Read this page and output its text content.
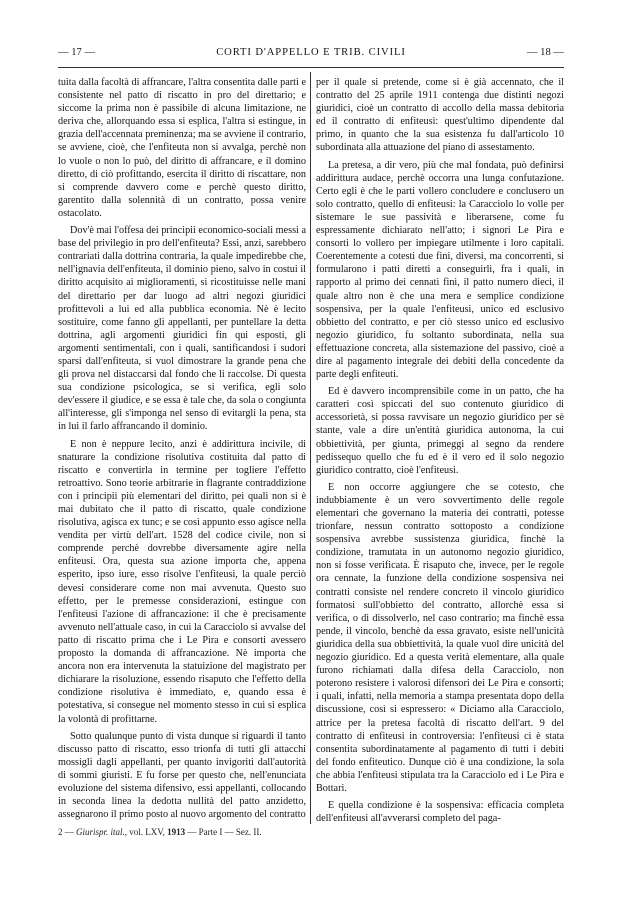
— 17 —	CORTI D'APPELLO E TRIB. CIVILI	— 18 —

tuita dalla facoltà di affrancare, l'altra consentita dalle parti e consistente nel patto di riscatto in pro del direttario; e siccome la prima non è passibile di alcuna limitazione, ne deriva che, allorquando essa si esplica, l'altra si estingue, in grazia dell'accennata preminenza; ma se avviene il contrario, se avviene, cioè, che l'enfiteuta non si avvalga, perchè non lo vuole o non lo può, del diritto di affrancare, e il domino diretto, di ciò profittando, esercita il diritto di riscattare, non si comprende davvero come e perchè questo diritto, garentito dalla solennità di un contratto, possa venire ostacolato.

Dov'è mai l'offesa dei principii economico-sociali messi a base del privilegio in pro dell'enfiteuta? Essi, anzi, sarebbero contrariati dalla dottrina contraria, la quale impedirebbe che, nell'ignavia dell'enfiteuta, il dominio pieno, salvo in costui il diritto acquisito ai miglioramenti, si ricostituisse nelle mani del direttario per dar luogo ad altri negozi giuridici profittevoli a lui ed alla pubblica economia. Nè è lecito sostituire, come fanno gli appellanti, per puntellare la detta dottrina, agli argomenti giuridici fin qui esposti, gli argomenti sentimentali, con i quali, santificandosi i sudori sparsi dall'enfiteuta, si vuol dimostrare la grande pena che gli prova nel distaccarsi dal fondo che li raccolse. Di questa sua condizione psicologica, se si verifica, egli solo dev'essere il giudice, e se essa è tale che, da sola o congiunta all'interesse, gli s'imponga nel senso di evitargli la pena, sta in lui il farlo affrancando il dominio.

E non è neppure lecito, anzi è addirittura incivile, di snaturare la condizione risolutiva costituita dal patto di riscatto e convertirla in termine per togliere l'effetto retroattivo. Sono teorie arbitrarie in flagrante contraddizione con i principii più elementari del diritto, pei quali non si è mai dubitato che il patto di riscatto, quale condizione risolutiva, agisca ex tunc; e se così appunto esso agisce nella vendita per virtù dell'art. 1528 del codice civile, non si comprende perchè dovrebbe diversamente agire nella enfiteusi. Ora, questa sua azione importa che, appena esperito, ipso iure, esso risolve l'enfiteusi, la quale perciò devesi considerare come non mai avvenuta. Questo suo effetto, per le premesse considerazioni, estingue con l'enfiteusi l'azione di affrancazione: il che è precisamente avvenuto nell'attuale caso, in cui la Caracciolo si avvalse del patto di riscatto prima che i Le Pira e consorti avessero proposto la domanda di affrancazione. Nè importa che ancora non era intervenuta la statuizione del magistrato per dichiarare la risoluzione, essendo risaputo che l'effetto della condizione risolutiva è immediato, e, quando essa è potestativa, si consegue nel momento stesso in cui si esplica la volontà di profittarne.

Sotto qualunque punto di vista dunque si riguardi il tanto discusso patto di riscatto, esso trionfa di tutti gli attacchi mossigli dagli appellanti, per quanto invigoriti dall'autorità di sommi giuristi. E fu forse per questo che, nell'enunciata evoluzione del sistema difensivo, essi appellanti, collocando in seconda linea la dedotta nullità del patto anzidetto, assegnarono il primo posto al nuovo argomento del contratto

per il quale si pretende, come si è già accennato, che il contratto del 25 aprile 1911 contenga due distinti negozi giuridici, cioè un contratto di accollo della massa debitoria ed il contratto di enfiteusi: quest'ultimo dipendente dal primo, in quanto che la sua esistenza fu dall'articolo 10 subordinata alla attuazione del piano di assestamento.

La pretesa, a dir vero, più che mal fondata, può definirsi addirittura audace, perchè occorra una lunga confutazione. Certo egli è che le parti vollero concludere e conclusero un solo contratto, quello di enfiteusi: la Caracciolo lo volle per sistemare le sue passività e liberarsene, come fu espressamente dichiarato nell'atto; i signori Le Pira e consorti lo vollero per impiegare utilmente i loro capitali. Coerentemente a cotesti due fini, diversi, ma concorrenti, si formularono i patti diretti a conseguirli, fra i quali, in rapporto al primo dei cennati fini, il patto numero dieci, il quale altro non è che una mera e semplice condizione sospensiva, per la quale l'enfiteusi, unico ed esclusivo obbietto del contratto, e per ciò stesso unico ed esclusivo negozio giuridico, fu soltanto subordinata, nella sua effettuazione concreta, alla sistemazione del passivo, cioè a dire al pagamento integrale dei debiti della concedente da parte degli enfiteuti.

Ed è davvero incomprensibile come in un patto, che ha caratteri così spiccati del suo contenuto giuridico di accessorietà, si possa ravvisare un negozio giuridico per sè stante, vale a dire un'entità giuridica autonoma, la cui obbiettività, per giunta, primeggi al segno da rendere pedissequo quello che fu ed è il vero ed il solo negozio giuridico contratto, cioè l'enfiteusi.

E non occorre aggiungere che se cotesto, che indubbiamente è un vero sovvertimento delle regole elementari che governano la materia dei contratti, potesse trionfare, nessun contratto sottoposto a condizione sospensiva avrebbe sussistenza giuridica, finchè la condizione, tramutata in un autonomo negozio giuridico, non si fosse verificata. È risaputo che, invece, per le regole ora cennate, la funzione della condizione sospensiva nei contratti consiste nel rendere concreto il vincolo giuridico formatosi sull'obbietto del contratto, allorchè essa si verifica, o di dissolverlo, nel caso contrario; ma finchè essa pende, il vincolo, benchè da essa gravato, esiste nell'unicità giuridica della sua obbiettività, la quale vuol dire unicità del negozio giuridico. Ed a questa verità elementare, alla quale furono richiamati dalla difesa della Caracciolo, non poterono resistere i valorosi difensori dei Le Pira e consorti; i quali, infatti, nella memoria a stampa presentata dopo della discussione, così si espressero: « Diciamo alla Caracciolo, attrice per la pretesa facoltà di riscatto dell'art. 9 del contratto di enfiteusi in controversia: l'enfiteusi ci è stata consentita subordinatamente al pagamento di tutti i debiti del fondo enfiteutico. Dunque ciò è una condizione, la sola che abbia l'enfiteusi stipulata tra la Caracciolo ed i Le Pira e Bottari.

E quella condizione è la sospensiva: efficacia completa dell'enfiteusi all'avverarsi completo del paga-

2 — Giurispr. ital., vol. LXV, 1913 — Parte I — Sez. II.
